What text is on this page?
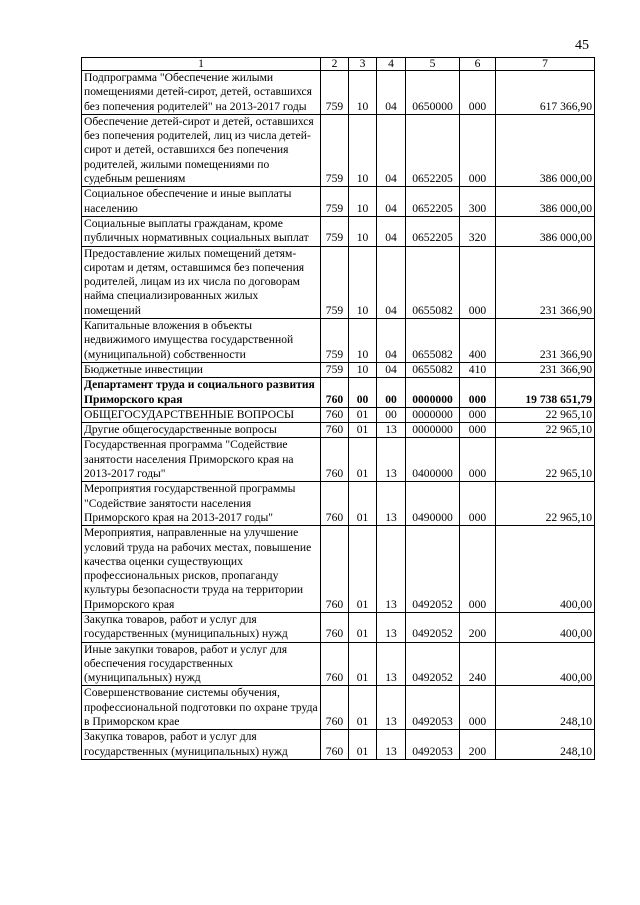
45
1	2	3	4	5	6	7
Подпрограмма "Обеспечение жилыми помещениями детей-сирот, детей, оставшихся без попечения родителей" на 2013-2017 годы	759	10	04	0650000	000	617 366,90
Обеспечение детей-сирот и детей, оставшихся без попечения родителей, лиц из числа детей-сирот и детей, оставшихся без попечения родителей, жилыми помещениями по судебным решениям	759	10	04	0652205	000	386 000,00
Социальное обеспечение и иные выплаты населению	759	10	04	0652205	300	386 000,00
Социальные выплаты гражданам, кроме публичных нормативных социальных выплат	759	10	04	0652205	320	386 000,00
Предоставление жилых помещений детям-сиротам и детям, оставшимся без попечения родителей, лицам из их числа по договорам найма специализированных жилых помещений	759	10	04	0655082	000	231 366,90
Капитальные вложения в объекты недвижимого имущества государственной (муниципальной) собственности	759	10	04	0655082	400	231 366,90
Бюджетные инвестиции	759	10	04	0655082	410	231 366,90
Департамент труда и социального развития Приморского края	760	00	00	0000000	000	19 738 651,79
ОБЩЕГОСУДАРСТВЕННЫЕ ВОПРОСЫ	760	01	00	0000000	000	22 965,10
Другие общегосударственные вопросы	760	01	13	0000000	000	22 965,10
Государственная программа "Содействие занятости населения Приморского края на 2013-2017 годы"	760	01	13	0400000	000	22 965,10
Мероприятия государственной программы "Содействие занятости населения Приморского края на 2013-2017 годы"	760	01	13	0490000	000	22 965,10
Мероприятия, направленные на улучшение условий труда на рабочих местах, повышение качества оценки существующих профессиональных рисков, пропаганду культуры безопасности труда на территории Приморского края	760	01	13	0492052	000	400,00
Закупка товаров, работ и услуг для государственных (муниципальных) нужд	760	01	13	0492052	200	400,00
Иные закупки товаров, работ и услуг для обеспечения государственных (муниципальных) нужд	760	01	13	0492052	240	400,00
Совершенствование системы обучения, профессиональной подготовки по охране труда в Приморском крае	760	01	13	0492053	000	248,10
Закупка товаров, работ и услуг для государственных (муниципальных) нужд	760	01	13	0492053	200	248,10
